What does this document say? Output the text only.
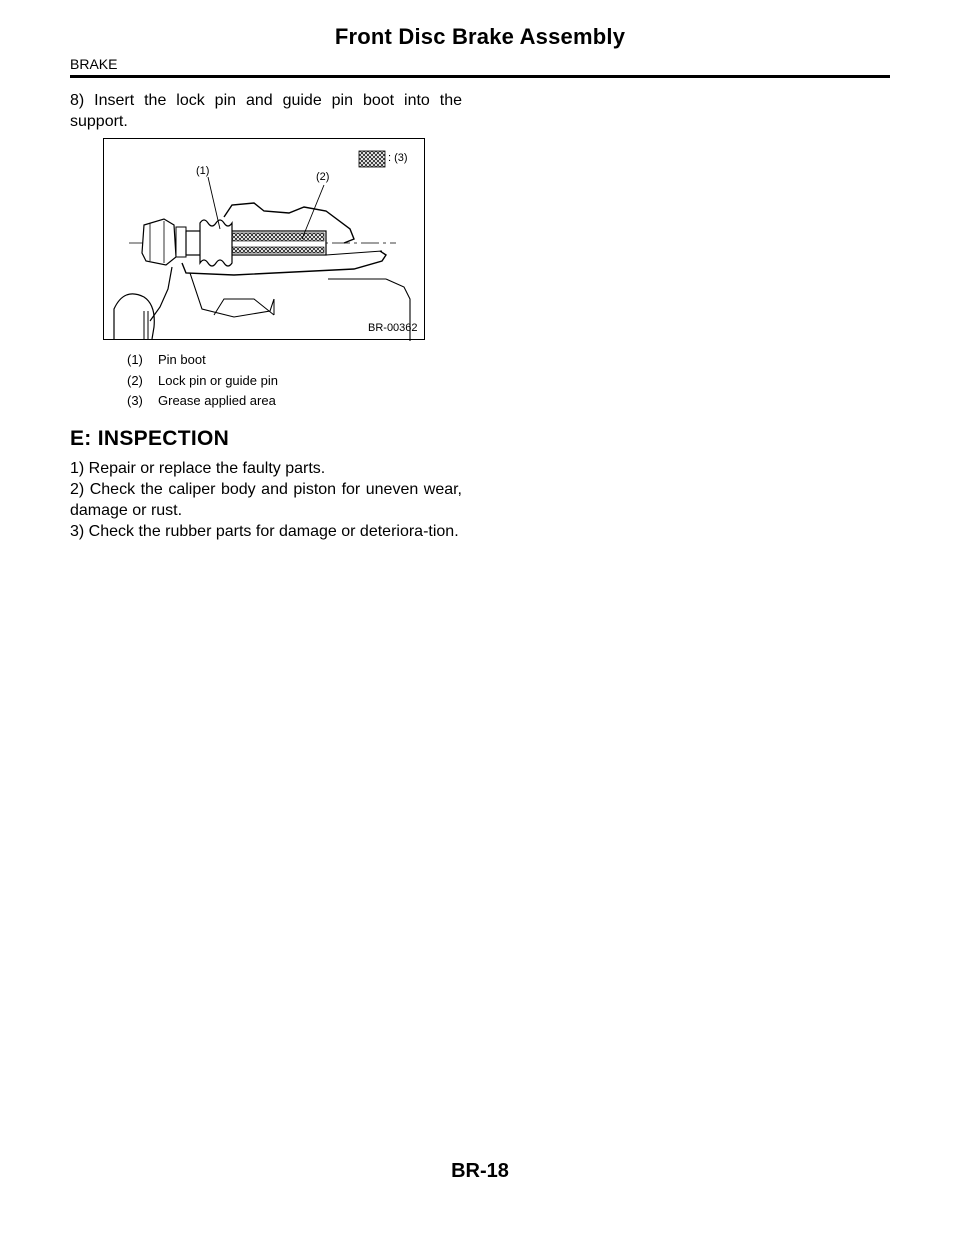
Front Disc Brake Assembly
BRAKE

8) Insert the lock pin and guide pin boot into the support.

(1)	(2)
: (3)
BR-00362
(1) Pin boot
(2) Lock pin or guide pin
(3) Grease applied area
E: INSPECTION

1) Repair or replace the faulty parts.

2) Check the caliper body and piston for uneven wear, damage or rust.

3) Check the rubber parts for damage or deteriora-tion.

BR-18
